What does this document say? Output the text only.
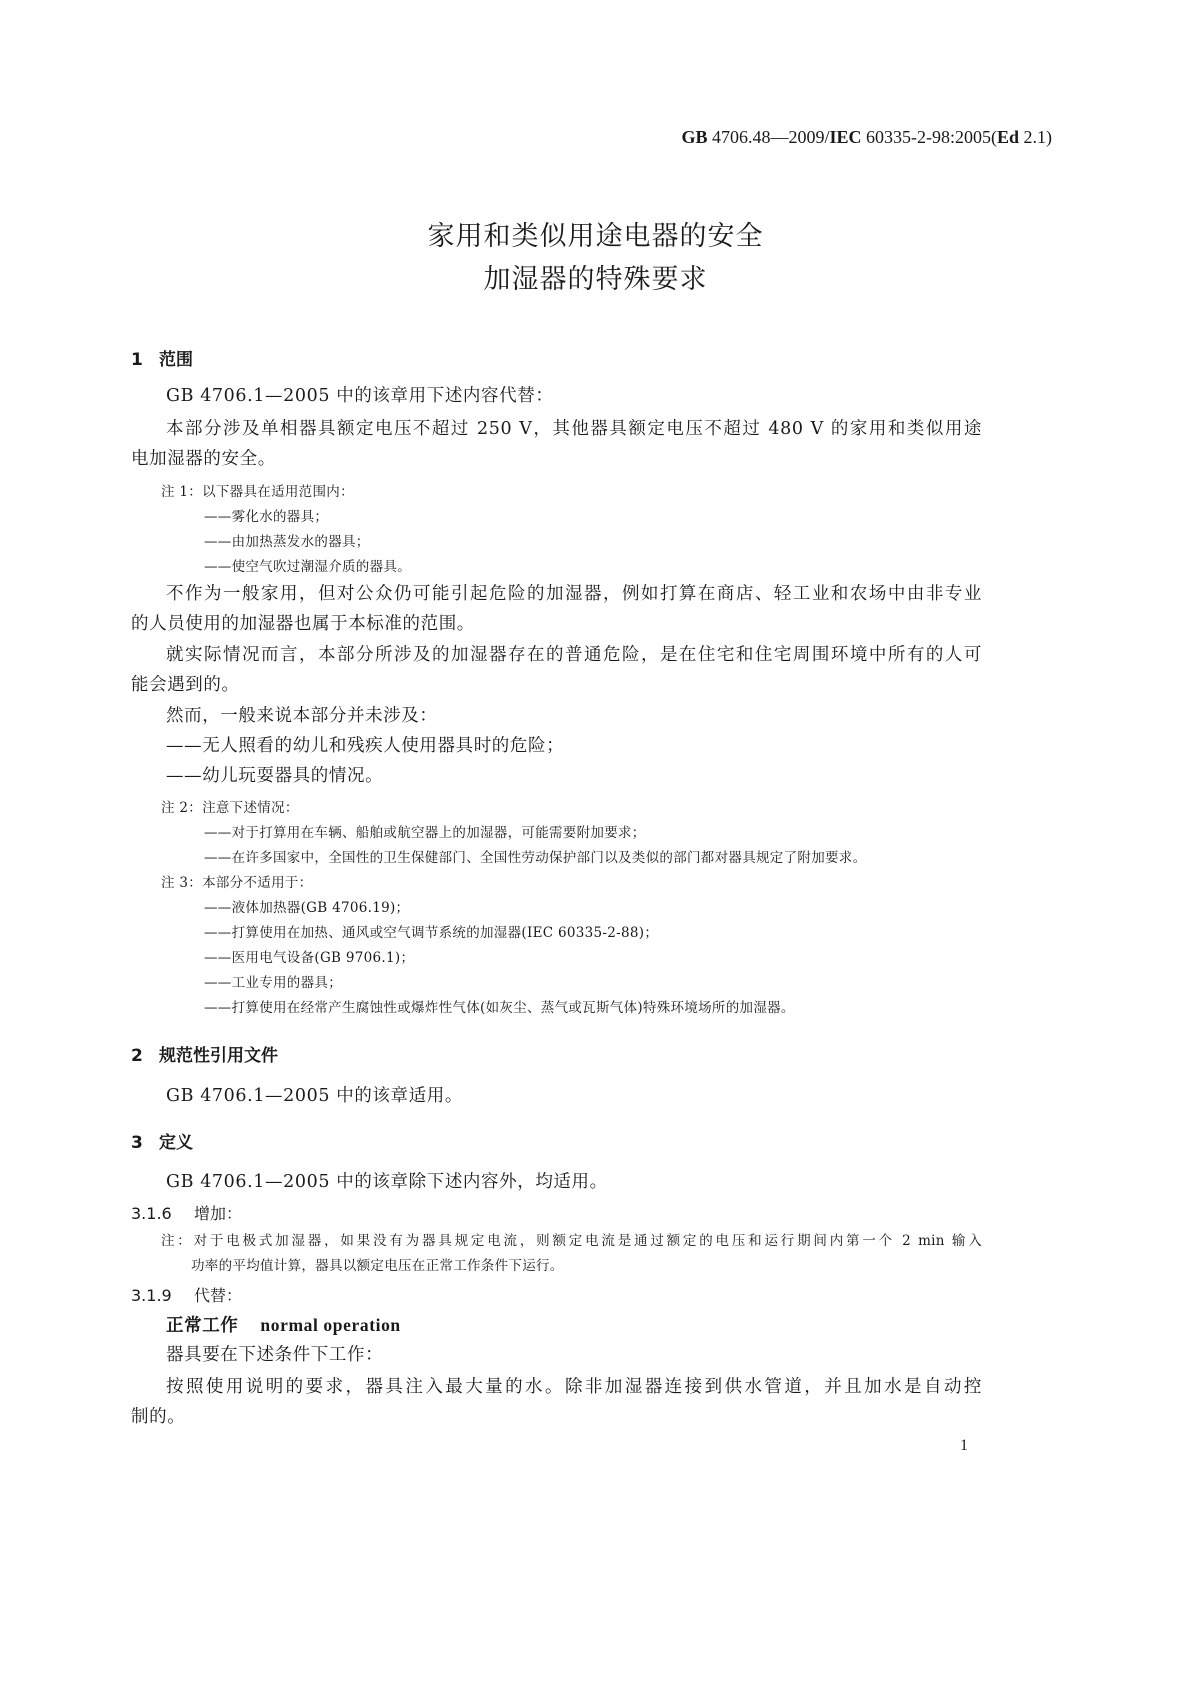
GB 4706.48—2009/IEC 60335-2-98:2005(Ed 2.1)
家用和类似用途电器的安全
加湿器的特殊要求
1 范围
GB 4706.1—2005 中的该章用下述内容代替：
本部分涉及单相器具额定电压不超过 250 V，其他器具额定电压不超过 480 V 的家用和类似用途
电加湿器的安全。
注 1：以下器具在适用范围内：
——雾化水的器具；
——由加热蒸发水的器具；
——使空气吹过潮湿介质的器具。
不作为一般家用，但对公众仍可能引起危险的加湿器，例如打算在商店、轻工业和农场中由非专业
的人员使用的加湿器也属于本标准的范围。
就实际情况而言，本部分所涉及的加湿器存在的普通危险，是在住宅和住宅周围环境中所有的人可
能会遇到的。
然而，一般来说本部分并未涉及：
——无人照看的幼儿和残疾人使用器具时的危险；
——幼儿玩耍器具的情况。
注 2：注意下述情况：
——对于打算用在车辆、船舶或航空器上的加湿器，可能需要附加要求；
——在许多国家中，全国性的卫生保健部门、全国性劳动保护部门以及类似的部门都对器具规定了附加要求。
注 3：本部分不适用于：
——液体加热器(GB 4706.19)；
——打算使用在加热、通风或空气调节系统的加湿器(IEC 60335-2-88)；
——医用电气设备(GB 9706.1)；
——工业专用的器具；
——打算使用在经常产生腐蚀性或爆炸性气体(如灰尘、蒸气或瓦斯气体)特殊环境场所的加湿器。
2 规范性引用文件
GB 4706.1—2005 中的该章适用。
3 定义
GB 4706.1—2005 中的该章除下述内容外，均适用。
3.1.6 增加：
注：对于电极式加湿器，如果没有为器具规定电流，则额定电流是通过额定的电压和运行期间内第一个 2 min 输入
功率的平均值计算，器具以额定电压在正常工作条件下运行。
3.1.9 代替：
正常工作 normal operation
器具要在下述条件下工作：
按照使用说明的要求，器具注入最大量的水。除非加湿器连接到供水管道，并且加水是自动控
制的。
1
